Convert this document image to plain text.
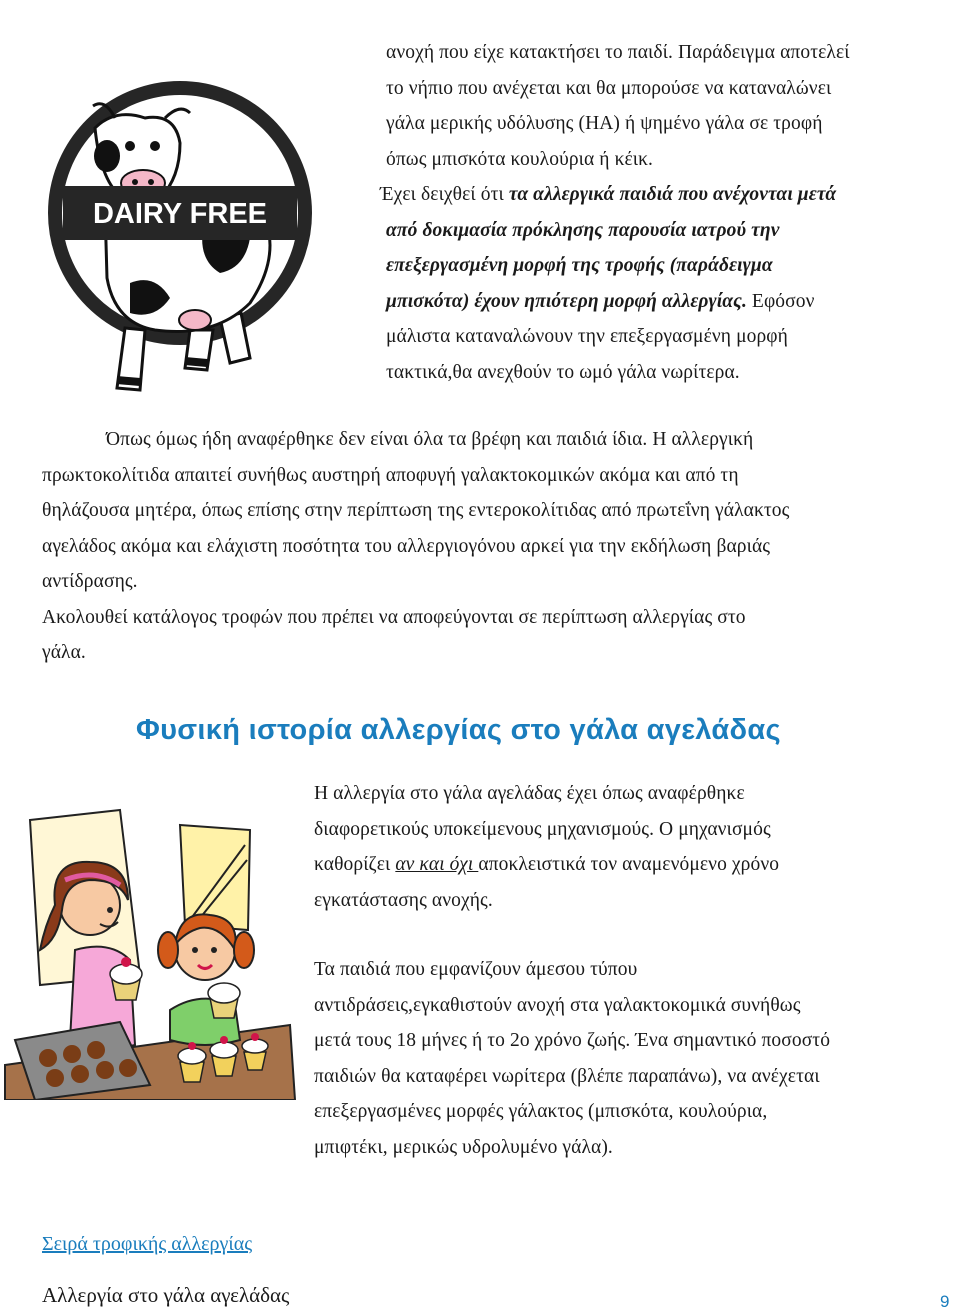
DAIRY FREE
ανοχή που είχε κατακτήσει το παιδί. Παράδειγμα αποτελεί
το νήπιο που ανέχεται και θα μπορούσε να καταναλώνει
γάλα μερικής υδόλυσης (ΗΑ) ή ψημένο γάλα σε τροφή
όπως μπισκότα κουλούρια ή κέικ.
Έχει δειχθεί ότι τα αλλεργικά παιδιά που ανέχονται μετά
από δοκιμασία πρόκλησης παρουσία ιατρού την
επεξεργασμένη μορφή της τροφής (παράδειγμα
μπισκότα) έχουν ηπιότερη μορφή αλλεργίας. Εφόσον
μάλιστα καταναλώνουν την επεξεργασμένη μορφή
τακτικά,θα ανεχθούν το ωμό γάλα νωρίτερα.
Όπως όμως ήδη αναφέρθηκε δεν είναι όλα τα βρέφη και παιδιά ίδια. Η αλλεργική
πρωκτοκολίτιδα απαιτεί συνήθως αυστηρή αποφυγή γαλακτοκομικών ακόμα και από τη
θηλάζουσα μητέρα, όπως επίσης στην περίπτωση της εντεροκολίτιδας από πρωτεΐνη γάλακτος
αγελάδος ακόμα και ελάχιστη ποσότητα του αλλεργιογόνου αρκεί για την εκδήλωση βαριάς
αντίδρασης.
Ακολουθεί κατάλογος τροφών που πρέπει να αποφεύγονται σε περίπτωση αλλεργίας στο
γάλα.
Φυσική ιστορία αλλεργίας στο γάλα αγελάδας
Η αλλεργία στο γάλα αγελάδας έχει όπως αναφέρθηκε
διαφορετικούς υποκείμενους μηχανισμούς. Ο μηχανισμός
καθορίζει αν και όχι αποκλειστικά τον αναμενόμενο χρόνο
εγκατάστασης ανοχής.
Τα παιδιά που εμφανίζουν άμεσου τύπου
αντιδράσεις,εγκαθιστούν ανοχή στα γαλακτοκομικά συνήθως
μετά τους 18 μήνες ή το 2ο χρόνο ζωής. Ένα σημαντικό ποσοστό
παιδιών θα καταφέρει νωρίτερα (βλέπε παραπάνω), να ανέχεται
επεξεργασμένες μορφές γάλακτος (μπισκότα, κουλούρια,
μπιφτέκι, μερικώς υδρολυμένο γάλα).
Σειρά τροφικής αλλεργίας
Αλλεργία στο γάλα αγελάδας	9
